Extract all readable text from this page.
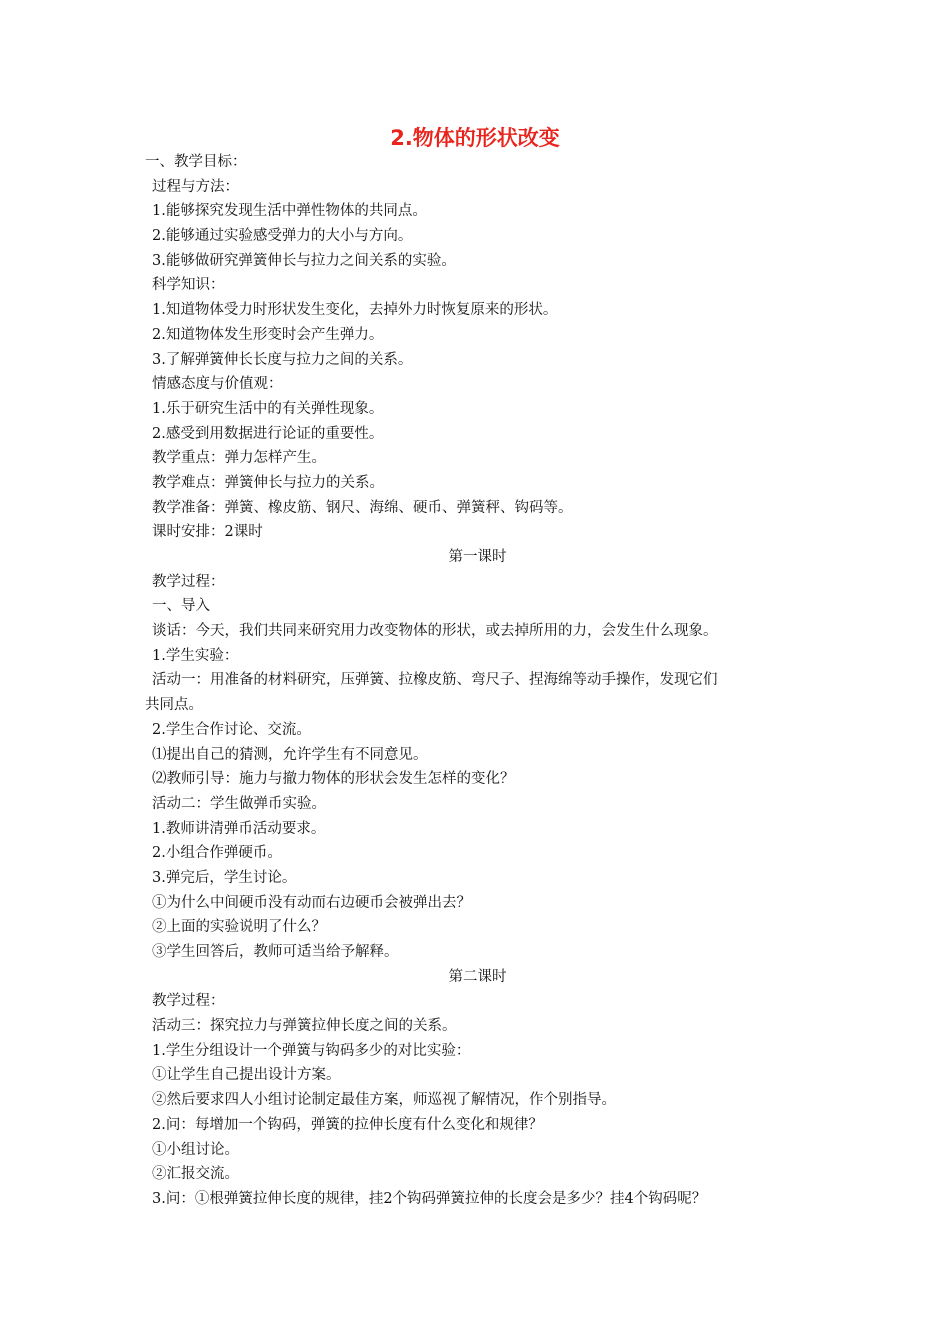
2.物体的形状改变

一、教学目标：

过程与方法：

1.能够探究发现生活中弹性物体的共同点。

2.能够通过实验感受弹力的大小与方向。

3.能够做研究弹簧伸长与拉力之间关系的实验。

科学知识：

1.知道物体受力时形状发生变化，去掉外力时恢复原来的形状。

2.知道物体发生形变时会产生弹力。

3.了解弹簧伸长长度与拉力之间的关系。

情感态度与价值观：

1.乐于研究生活中的有关弹性现象。

2.感受到用数据进行论证的重要性。

教学重点：弹力怎样产生。

教学难点：弹簧伸长与拉力的关系。

教学准备：弹簧、橡皮筋、钢尺、海绵、硬币、弹簧秤、钩码等。

课时安排：2课时

第一课时

教学过程：

一、导入

谈话：今天，我们共同来研究用力改变物体的形状，或去掉所用的力，会发生什么现象。

1.学生实验：

活动一：用准备的材料研究，压弹簧、拉橡皮筋、弯尺子、捏海绵等动手操作，发现它们

共同点。

2.学生合作讨论、交流。

⑴提出自己的猜测，允许学生有不同意见。

⑵教师引导：施力与撤力物体的形状会发生怎样的变化？

活动二：学生做弹币实验。

1.教师讲清弹币活动要求。

2.小组合作弹硬币。

3.弹完后，学生讨论。

①为什么中间硬币没有动而右边硬币会被弹出去？

②上面的实验说明了什么？

③学生回答后，教师可适当给予解释。

第二课时

教学过程：

活动三：探究拉力与弹簧拉伸长度之间的关系。

1.学生分组设计一个弹簧与钩码多少的对比实验：

①让学生自己提出设计方案。

②然后要求四人小组讨论制定最佳方案，师巡视了解情况，作个别指导。

2.问：每增加一个钩码，弹簧的拉伸长度有什么变化和规律？

①小组讨论。

②汇报交流。

3.问：①根弹簧拉伸长度的规律，挂2个钩码弹簧拉伸的长度会是多少？挂4个钩码呢？
